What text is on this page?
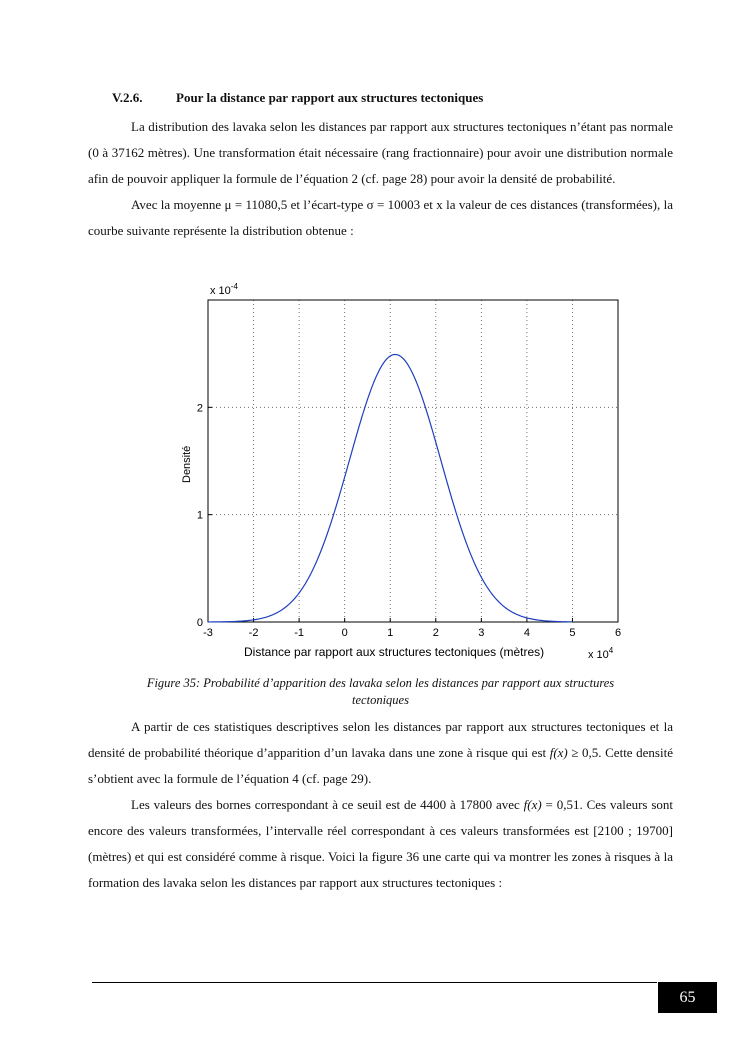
V.2.6.	Pour la distance par rapport aux structures tectoniques

La distribution des lavaka selon les distances par rapport aux structures tectoniques n’étant pas normale (0 à 37162 mètres). Une transformation était nécessaire (rang fractionnaire) pour avoir une distribution normale afin de pouvoir appliquer la formule de l’équation 2 (cf. page 28) pour avoir la densité de probabilité.

Avec la moyenne μ = 11080,5 et l’écart-type σ = 10003 et x la valeur de ces distances (transformées), la courbe suivante représente la distribution obtenue :

-3	-2	-1	0	1	2	3	4	5	6
0
1
2
x $10^{-4}$
x $10^4$
Distance par rapport aux structures tectoniques (mètres)
Densité
Figure 35: Probabilité d’apparition des lavaka selon les distances par rapport aux structures
tectoniques

A partir de ces statistiques descriptives selon les distances par rapport aux structures tectoniques et la densité de probabilité théorique d’apparition d’un lavaka dans une zone à risque qui est f(x) ≥ 0,5. Cette densité s’obtient avec la formule de l’équation 4 (cf. page 29).

Les valeurs des bornes correspondant à ce seuil est de 4400 à 17800 avec f(x) = 0,51. Ces valeurs sont encore des valeurs transformées, l’intervalle réel correspondant à ces valeurs transformées est [2100 ; 19700] (mètres) et qui est considéré comme à risque. Voici la figure 36 une carte qui va montrer les zones à risques à la formation des lavaka selon les distances par rapport aux structures tectoniques :

65
